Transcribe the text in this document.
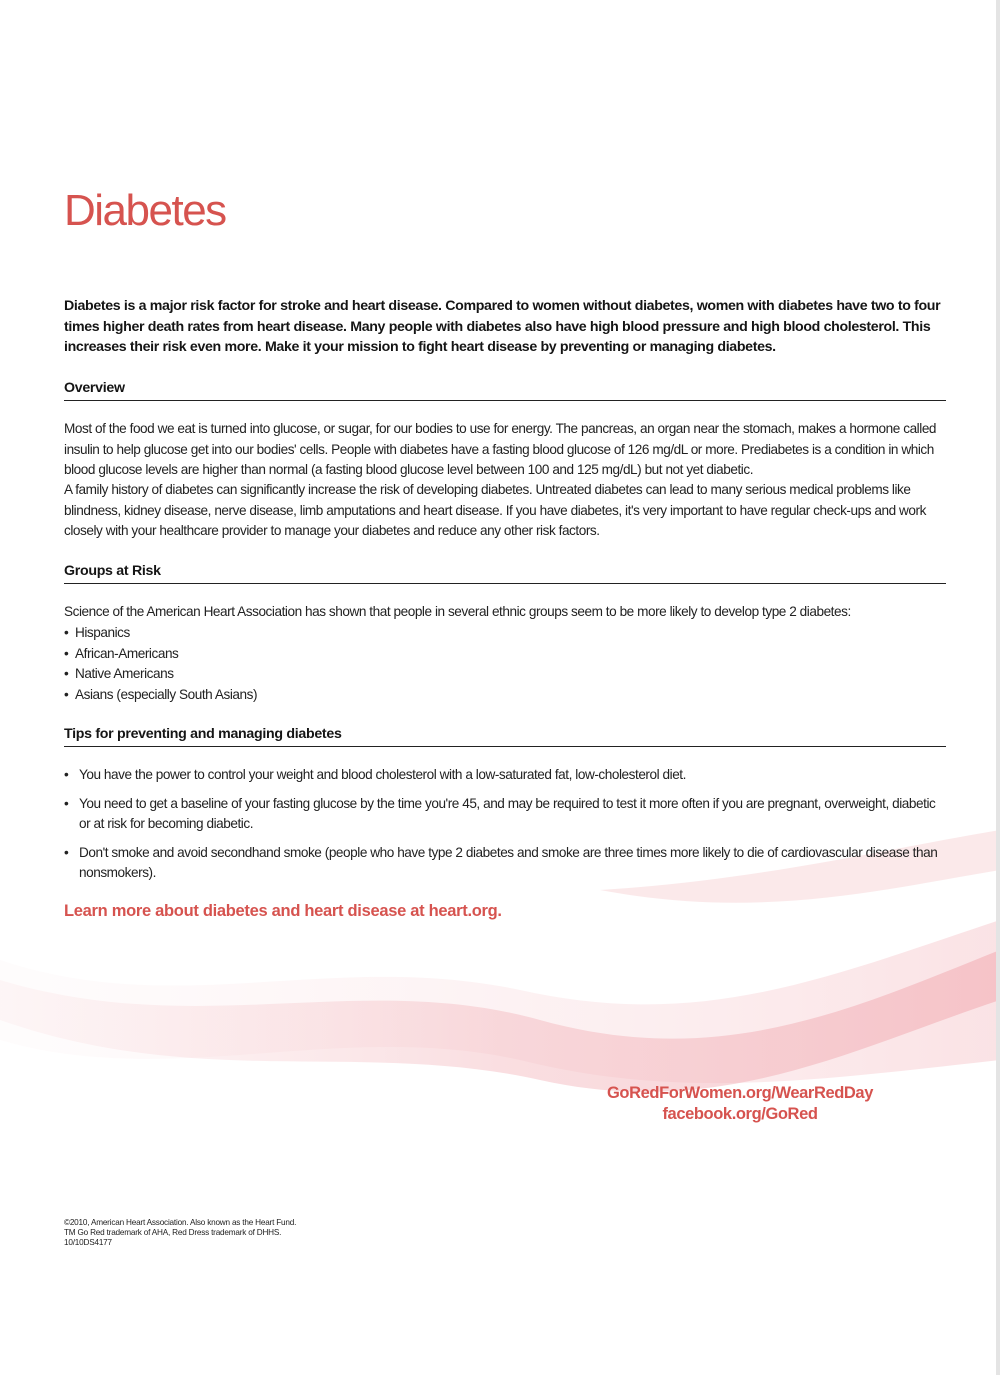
Diabetes

Diabetes is a major risk factor for stroke and heart disease. Compared to women without diabetes, women with diabetes have two to four times higher death rates from heart disease. Many people with diabetes also have high blood pressure and high blood cholesterol. This increases their risk even more. Make it your mission to fight heart disease by preventing or managing diabetes.

Overview

Most of the food we eat is turned into glucose, or sugar, for our bodies to use for energy. The pancreas, an organ near the stomach, makes a hormone called insulin to help glucose get into our bodies' cells. People with diabetes have a fasting blood glucose of 126 mg/dL or more. Prediabetes is a condition in which blood glucose levels are higher than normal (a fasting blood glucose level between 100 and 125 mg/dL) but not yet diabetic.

A family history of diabetes can significantly increase the risk of developing diabetes. Untreated diabetes can lead to many serious medical problems like blindness, kidney disease, nerve disease, limb amputations and heart disease. If you have diabetes, it's very important to have regular check-ups and work closely with your healthcare provider to manage your diabetes and reduce any other risk factors.

Groups at Risk

Science of the American Heart Association has shown that people in several ethnic groups seem to be more likely to develop type 2 diabetes:

• Hispanics
• African-Americans
• Native Americans
• Asians (especially South Asians)
Tips for preventing and managing diabetes
• You have the power to control your weight and blood cholesterol with a low-saturated fat, low-cholesterol diet.
• You need to get a baseline of your fasting glucose by the time you're 45, and may be required to test it more often if you are pregnant, overweight, diabetic or at risk for becoming diabetic.
• Don't smoke and avoid secondhand smoke (people who have type 2 diabetes and smoke are three times more likely to die of cardiovascular disease than nonsmokers).

Learn more about diabetes and heart disease at heart.org.

GoRedForWomen.org/WearRedDay
facebook.org/GoRed
©2010, American Heart Association. Also known as the Heart Fund.
TM Go Red trademark of AHA, Red Dress trademark of DHHS.
10/10DS4177
